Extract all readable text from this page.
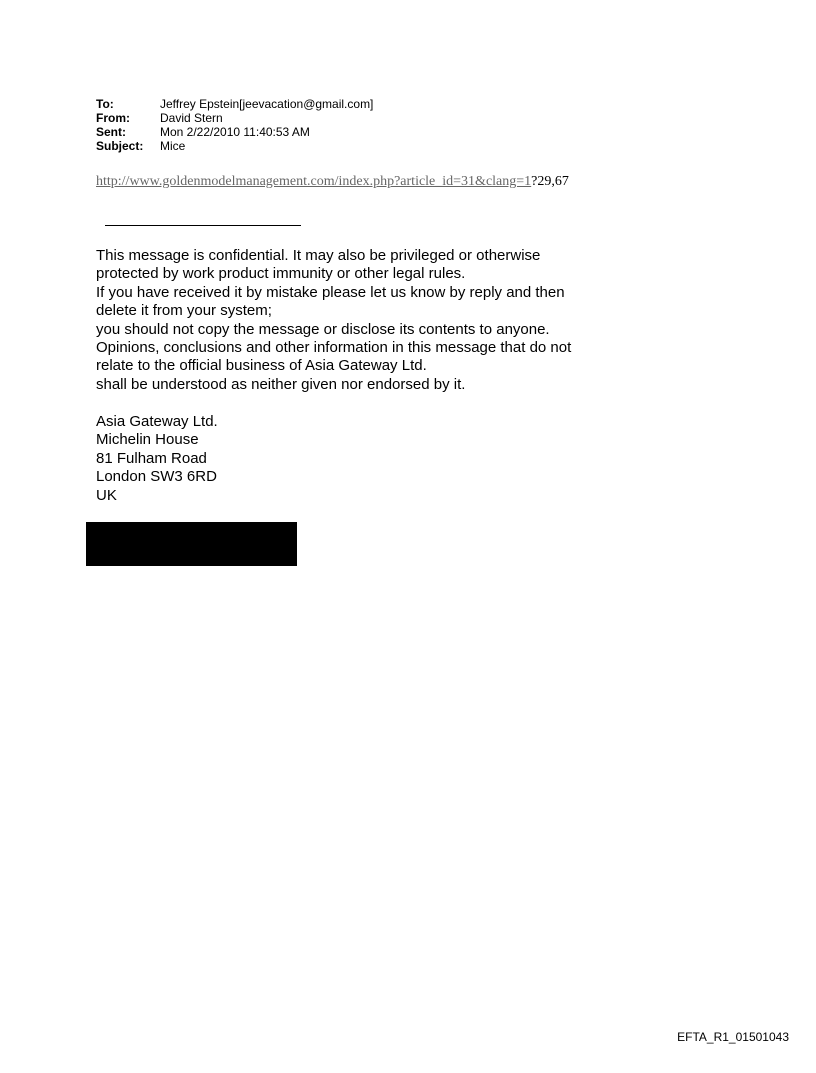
To:	Jeffrey Epstein[jeevacation@gmail.com]
From:	David Stern
Sent:	Mon 2/22/2010 11:40:53 AM
Subject:	Mice
http://www.goldenmodelmanagement.com/index.php?article_id=31&clang=1?29,67
This message is confidential. It may also be privileged or otherwise
protected by work product immunity or other legal rules.
If you have received it by mistake please let us know by reply and then
delete it from your system;
you should not copy the message or disclose its contents to anyone.
Opinions, conclusions and other information in this message that do not
relate to the official business of Asia Gateway Ltd.
shall be understood as neither given nor endorsed by it.
Asia Gateway Ltd.
Michelin House
81 Fulham Road
London SW3 6RD
UK
EFTA_R1_01501043
